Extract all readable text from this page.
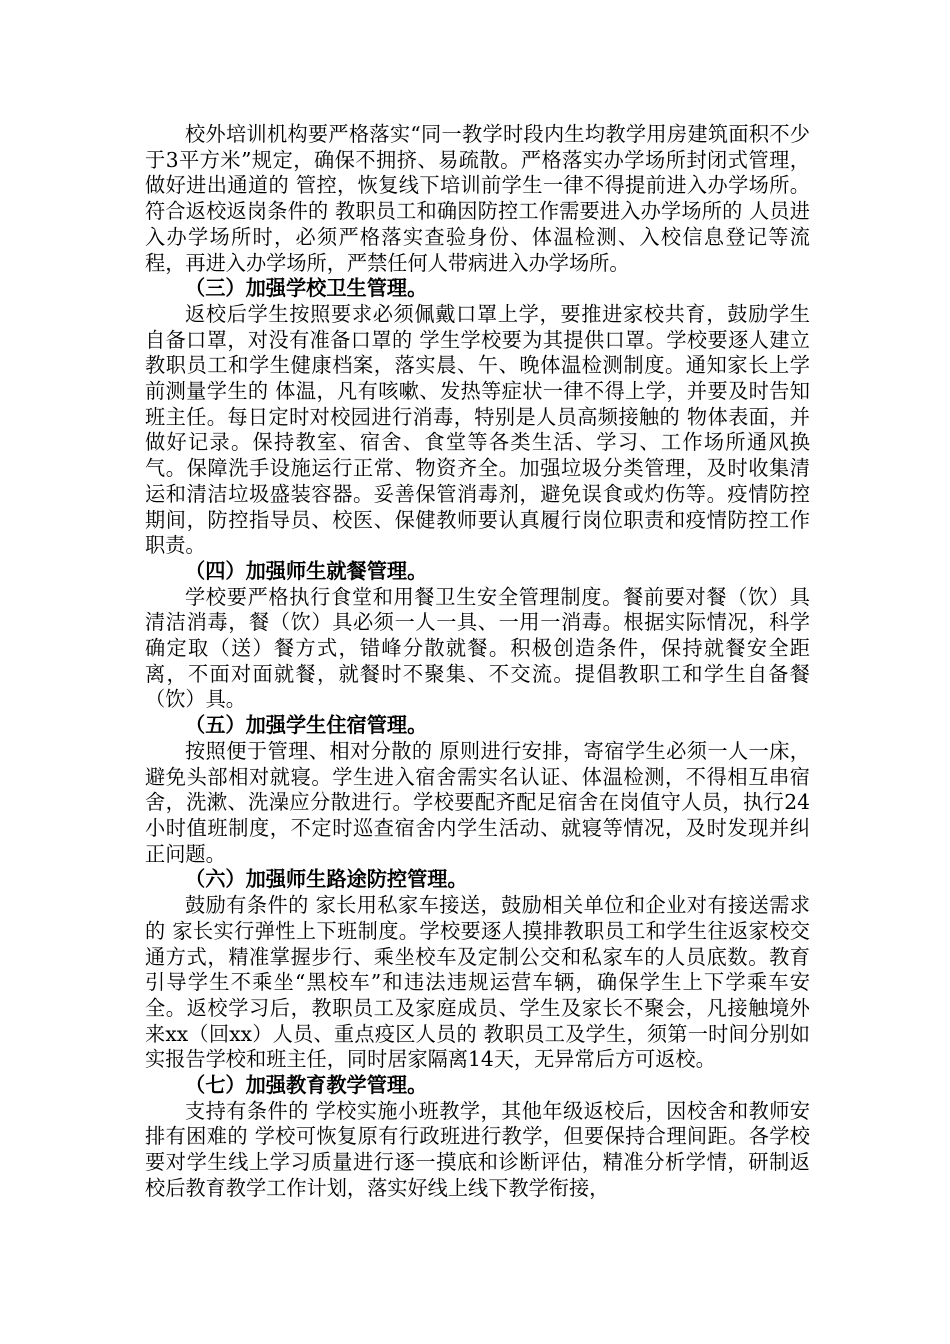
校外培训机构要严格落实“同一教学时段内生均教学用房建筑面积不少于3平方米”规定，确保不拥挤、易疏散。严格落实办学场所封闭式管理，做好进出通道的 管控，恢复线下培训前学生一律不得提前进入办学场所。符合返校返岗条件的 教职员工和确因防控工作需要进入办学场所的 人员进入办学场所时，必须严格落实查验身份、体温检测、入校信息登记等流程，再进入办学场所，严禁任何人带病进入办学场所。

（三）加强学校卫生管理。

返校后学生按照要求必须佩戴口罩上学，要推进家校共育，鼓励学生自备口罩，对没有准备口罩的 学生学校要为其提供口罩。学校要逐人建立教职员工和学生健康档案，落实晨、午、晚体温检测制度。通知家长上学前测量学生的 体温，凡有咳嗽、发热等症状一律不得上学，并要及时告知班主任。每日定时对校园进行消毒，特别是人员高频接触的 物体表面，并做好记录。保持教室、宿舍、食堂等各类生活、学习、工作场所通风换气。保障洗手设施运行正常、物资齐全。加强垃圾分类管理，及时收集清运和清洁垃圾盛装容器。妥善保管消毒剂，避免误食或灼伤等。疫情防控期间，防控指导员、校医、保健教师要认真履行岗位职责和疫情防控工作职责。

（四）加强师生就餐管理。

学校要严格执行食堂和用餐卫生安全管理制度。餐前要对餐（饮）具清洁消毒，餐（饮）具必须一人一具、一用一消毒。根据实际情况，科学确定取（送）餐方式，错峰分散就餐。积极创造条件，保持就餐安全距离，不面对面就餐，就餐时不聚集、不交流。提倡教职工和学生自备餐（饮）具。

（五）加强学生住宿管理。

按照便于管理、相对分散的 原则进行安排，寄宿学生必须一人一床，避免头部相对就寝。学生进入宿舍需实名认证、体温检测，不得相互串宿舍，洗漱、洗澡应分散进行。学校要配齐配足宿舍在岗值守人员，执行24小时值班制度，不定时巡查宿舍内学生活动、就寝等情况，及时发现并纠正问题。

（六）加强师生路途防控管理。

鼓励有条件的 家长用私家车接送，鼓励相关单位和企业对有接送需求的 家长实行弹性上下班制度。学校要逐人摸排教职员工和学生往返家校交通方式，精准掌握步行、乘坐校车及定制公交和私家车的人员底数。教育引导学生不乘坐“黑校车”和违法违规运营车辆，确保学生上下学乘车安全。返校学习后，教职员工及家庭成员、学生及家长不聚会，凡接触境外来xx（回xx）人员、重点疫区人员的 教职员工及学生，须第一时间分别如实报告学校和班主任，同时居家隔离14天，无异常后方可返校。

（七）加强教育教学管理。

支持有条件的 学校实施小班教学，其他年级返校后，因校舍和教师安排有困难的 学校可恢复原有行政班进行教学，但要保持合理间距。各学校要对学生线上学习质量进行逐一摸底和诊断评估，精准分析学情，研制返校后教育教学工作计划，落实好线上线下教学衔接，
